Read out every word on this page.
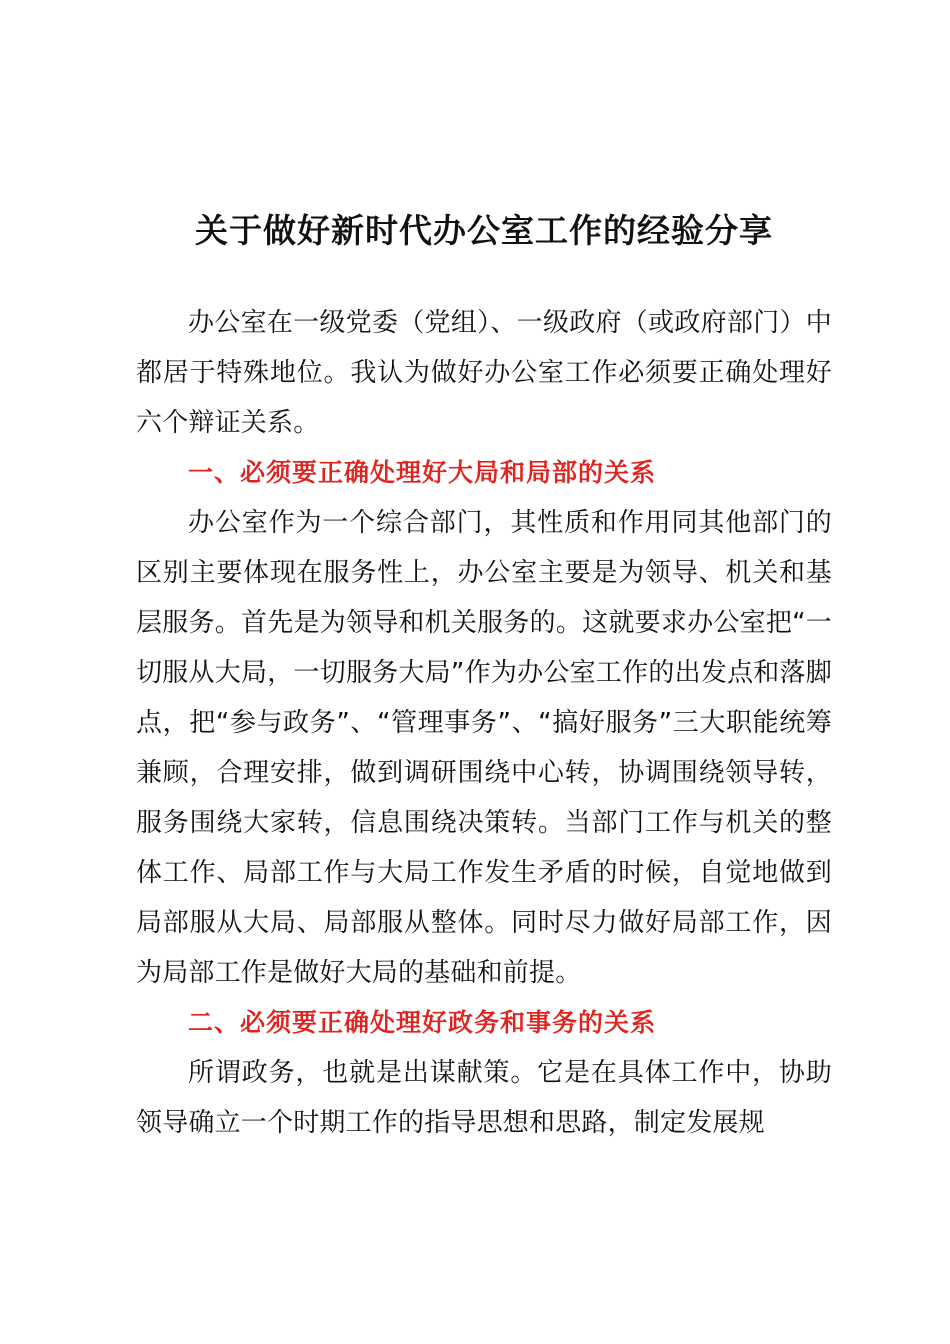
关于做好新时代办公室工作的经验分享

办公室在一级党委（党组）、一级政府（或政府部门）中都居于特殊地位。我认为做好办公室工作必须要正确处理好六个辩证关系。

一、必须要正确处理好大局和局部的关系

办公室作为一个综合部门，其性质和作用同其他部门的区别主要体现在服务性上，办公室主要是为领导、机关和基层服务。首先是为领导和机关服务的。这就要求办公室把“一切服从大局，一切服务大局”作为办公室工作的出发点和落脚点，把“参与政务”、“管理事务”、“搞好服务”三大职能统筹兼顾，合理安排，做到调研围绕中心转，协调围绕领导转，服务围绕大家转，信息围绕决策转。当部门工作与机关的整体工作、局部工作与大局工作发生矛盾的时候，自觉地做到局部服从大局、局部服从整体。同时尽力做好局部工作，因为局部工作是做好大局的基础和前提。

二、必须要正确处理好政务和事务的关系

所谓政务，也就是出谋献策。它是在具体工作中，协助领导确立一个时期工作的指导思想和思路，制定发展规
